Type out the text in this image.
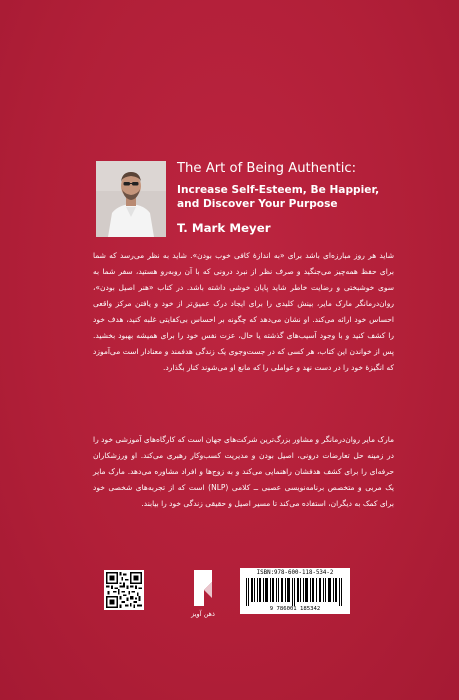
The Art of Being Authentic:

Increase Self-Esteem, Be Happier,
and Discover Your Purpose

T. Mark Meyer

شاید هر روز مبارزه‌ای باشد برای «به اندازهٔ کافی خوب بودن». شاید به نظر می‌رسد که شما برای حفظ همه‌چیز می‌جنگید و صرف نظر از نبرد درونی که با آن روبه‌رو هستید، سفر شما به سوی خوشبختی و رضایت خاطر شاید پایان خوشی داشته باشد. در کتاب «هنر اصیل بودن»، روان‌درمانگر مارک مایر، بینش کلیدی را برای ایجاد درک عمیق‌تر از خود و یافتن مرکز واقعی احساس خود ارائه می‌کند. او نشان می‌دهد که چگونه بر احساس بی‌کفایتی غلبه کنید، هدف خود را کشف کنید و با وجود آسیب‌های گذشته یا حال، عزت نفس خود را برای همیشه بهبود بخشید. پس از خواندن این کتاب، هر کسی که در جست‌وجوی یک زندگی هدفمند و معنادار است می‌آموزد که انگیزهٔ خود را در دست نهد و عواملی را که مانع او می‌شوند کنار بگذارد.

مارک مایر روان‌درمانگر و مشاور بزرگ‌ترین شرکت‌های جهان است که کارگاه‌های آموزشی خود را در زمینه حل تعارضات درونی، اصیل بودن و مدیریت کسب‌وکار رهبری می‌کند. او ورزشکاران حرفه‌ای را برای کشف هدفشان راهنمایی می‌کند و به زوج‌ها و افراد مشاوره می‌دهد. مارک مایر یک مربی و متخصص برنامه‌نویسی عصبی ــ کلامی (NLP) است که از تجربه‌های شخصی خود برای کمک به دیگران، استفاده می‌کند تا مسیر اصیل و حقیقی زندگی خود را بیابند.

ذهن آویز
ISBN:978-600-118-534-2
9 786001 185342
